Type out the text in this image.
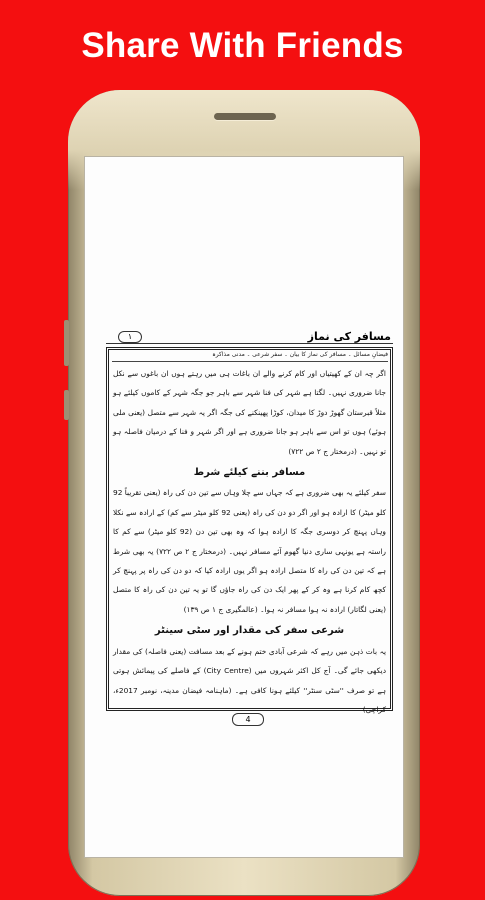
Share With Friends
۱	مسافر کی نماز
فیضانِ مسائل ۔ مسافر کی نماز کا بیان ۔ سفر شرعی ۔ مدنی مذاکرہ

اگر چہ ان کے کھیتیاں اور کام کرنے والے ان باغات ہی میں رہتے ہوں ان باغوں سے نکل جانا ضروری نہیں۔ لگتا ہے شہر کی فنا شہر سے باہر جو جگہ شہر کے کاموں کیلئے ہو مثلاً قبرستان گھوڑ دوڑ کا میدان، کوڑا پھینکنے کی جگہ اگر یہ شہر سے متصل (یعنی ملی ہوئے) ہوں تو اس سے باہر ہو جانا ضروری ہے اور اگر شہر و فنا کے درمیان فاصلہ ہو تو نہیں۔ (درمختار ج ۲ ص ۷۲۲)

مسافر بننے کیلئے شرط

سفر کیلئے یہ بھی ضروری ہے کہ جہاں سے چلا وہاں سے تین دن کی راہ (یعنی تقریباً 92 کلو میٹر) کا ارادہ ہو اور اگر دو دن کی راہ (یعنی 92 کلو میٹر سے کم) کے ارادہ سے نکلا وہاں پہنچ کر دوسری جگہ کا ارادہ ہوا کہ وہ بھی تین دن (92 کلو میٹر) سے کم کا راستہ ہے یونہی ساری دنیا گھوم آئے مسافر نہیں۔ (درمختار ج ۲ ص ۷۲۲) یہ بھی شرط ہے کہ تین دن کی راہ کا متصل ارادہ ہو اگر یوں ارادہ کیا کہ دو دن کی راہ پر پہنچ کر کچھ کام کرنا ہے وہ کر کے پھر ایک دن کی راہ جاؤں گا تو یہ تین دن کی راہ کا متصل (یعنی لگاتار) ارادہ نہ ہوا مسافر نہ ہوا۔ (عالمگیری ج ۱ ص ۱۳۹)

شرعی سفر کی مقدار اور سٹی سینٹر

یہ بات ذہن میں رہے کہ شرعی آبادی ختم ہونے کے بعد مسافت (یعنی فاصلہ) کی مقدار دیکھی جائے گی۔ آج کل اکثر شہروں میں (City Centre) کے فاصلے کی پیمائش ہوتی ہے تو صرف ''سٹی سنٹر'' کیلئے ہونا کافی ہے۔ (ماہنامہ فیضان مدینہ، نومبر 2017ء، کراچی)

4
